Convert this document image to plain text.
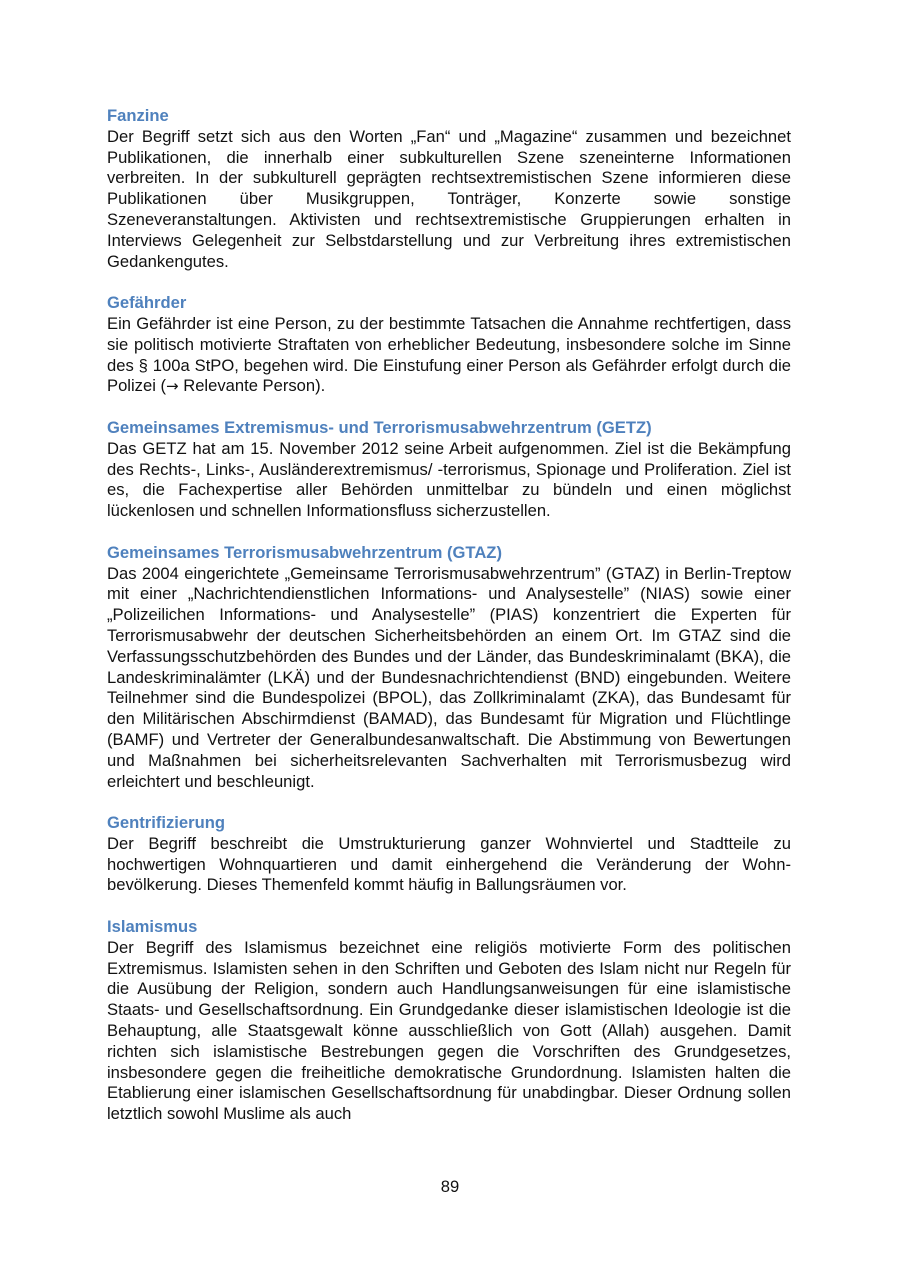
Fanzine

Der Begriff setzt sich aus den Worten „Fan“ und „Magazine“ zusammen und bezeichnet Publikationen, die innerhalb einer subkulturellen Szene szeneinterne Informationen verbreiten. In der subkulturell geprägten rechtsextremistischen Szene informieren diese Publikationen über Musikgruppen, Tonträger, Konzerte sowie sonstige Szeneveranstaltungen. Aktivisten und rechtsextremistische Gruppierungen erhalten in Interviews Gelegenheit zur Selbstdarstellung und zur Verbreitung ihres extremistischen Gedankengutes.

Gefährder

Ein Gefährder ist eine Person, zu der bestimmte Tatsachen die Annahme rechtfertigen, dass sie politisch motivierte Straftaten von erheblicher Bedeutung, insbesondere solche im Sinne des § 100a StPO, begehen wird. Die Einstufung einer Person als Gefährder erfolgt durch die Polizei (→ Relevante Person).

Gemeinsames Extremismus- und Terrorismusabwehrzentrum (GETZ)

Das GETZ hat am 15. November 2012 seine Arbeit aufgenommen. Ziel ist die Bekämpfung des Rechts-, Links-, Ausländerextremismus/ -terrorismus, Spionage und Proliferation. Ziel ist es, die Fachexpertise aller Behörden unmittelbar zu bündeln und einen möglichst lückenlosen und schnellen Informationsfluss sicherzustellen.

Gemeinsames Terrorismusabwehrzentrum (GTAZ)

Das 2004 eingerichtete „Gemeinsame Terrorismusabwehrzentrum” (GTAZ) in Berlin-Treptow mit einer „Nachrichtendienstlichen Informations- und Analysestelle” (NIAS) sowie einer „Polizeilichen Informations- und Analysestelle” (PIAS) konzentriert die Experten für Terrorismusabwehr der deutschen Sicherheitsbehörden an einem Ort. Im GTAZ sind die Verfassungsschutzbehörden des Bundes und der Länder, das Bundeskriminalamt (BKA), die Landeskriminalämter (LKÄ) und der Bundesnachrichtendienst (BND) eingebunden. Weitere Teilnehmer sind die Bundespolizei (BPOL), das Zollkriminalamt (ZKA), das Bundesamt für den Militärischen Abschirmdienst (BAMAD), das Bundesamt für Migration und Flüchtlinge (BAMF) und Vertreter der Generalbundesanwaltschaft. Die Abstimmung von Bewertungen und Maßnahmen bei sicherheitsrelevanten Sachverhalten mit Terrorismusbezug wird erleichtert und beschleunigt.

Gentrifizierung

Der Begriff beschreibt die Umstrukturierung ganzer Wohnviertel und Stadtteile zu hochwertigen Wohnquartieren und damit einhergehend die Veränderung der Wohnbevölkerung. Dieses Themenfeld kommt häufig in Ballungsräumen vor.

Islamismus

Der Begriff des Islamismus bezeichnet eine religiös motivierte Form des politischen Extremismus. Islamisten sehen in den Schriften und Geboten des Islam nicht nur Regeln für die Ausübung der Religion, sondern auch Handlungsanweisungen für eine islamistische Staats- und Gesellschaftsordnung. Ein Grundgedanke dieser islamistischen Ideologie ist die Behauptung, alle Staatsgewalt könne ausschließlich von Gott (Allah) ausgehen. Damit richten sich islamistische Bestrebungen gegen die Vorschriften des Grundgesetzes, insbesondere gegen die freiheitliche demokratische Grundordnung. Islamisten halten die Etablierung einer islamischen Gesellschaftsordnung für unabdingbar. Dieser Ordnung sollen letztlich sowohl Muslime als auch

89
